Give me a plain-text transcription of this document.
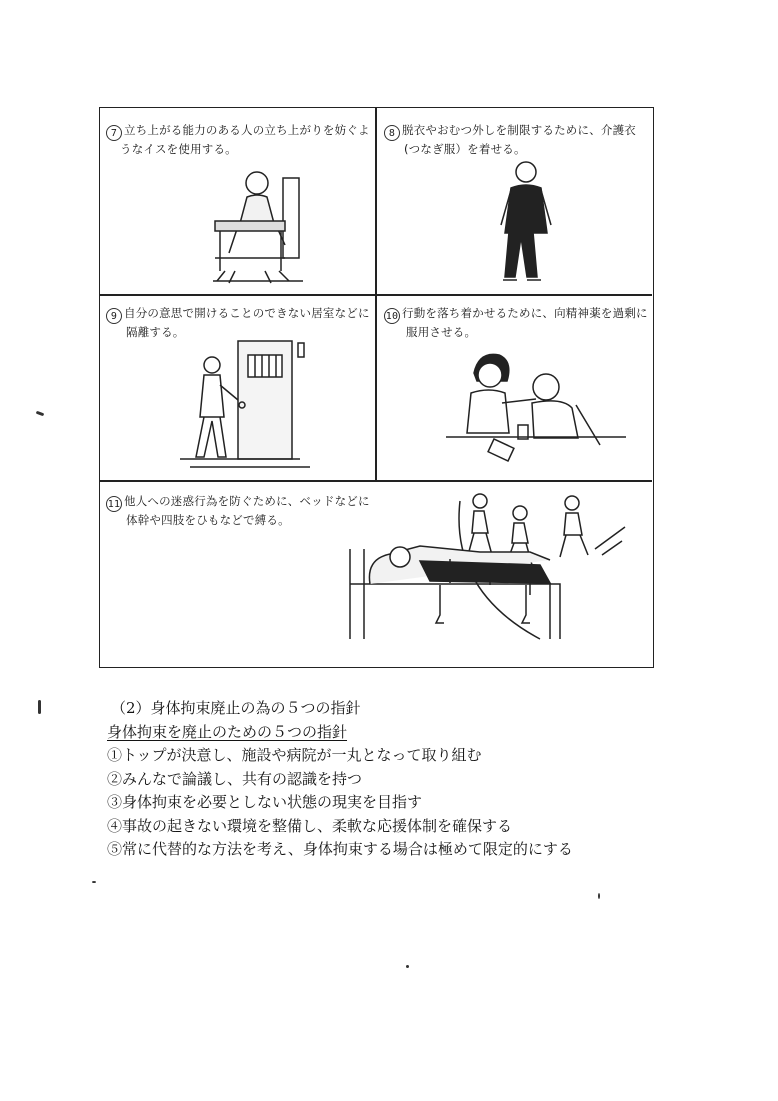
7 立ち上がる能力のある人の立ち上がりを妨ぐよ
うなイスを使用する。
8 脱衣やおむつ外しを制限するために、介護衣
(つなぎ服）を着せる。
9 自分の意思で開けることのできない居室などに
隔離する。
10 行動を落ち着かせるために、向精神薬を過剰に
服用させる。
11 他人への迷惑行為を防ぐために、ベッドなどに
体幹や四肢をひもなどで縛る。
（2）身体拘束廃止の為の５つの指針
身体拘束を廃止のための５つの指針
①トップが決意し、施設や病院が一丸となって取り組む
②みんなで論議し、共有の認識を持つ
③身体拘束を必要としない状態の現実を目指す
④事故の起きない環境を整備し、柔軟な応援体制を確保する
⑤常に代替的な方法を考え、身体拘束する場合は極めて限定的にする
